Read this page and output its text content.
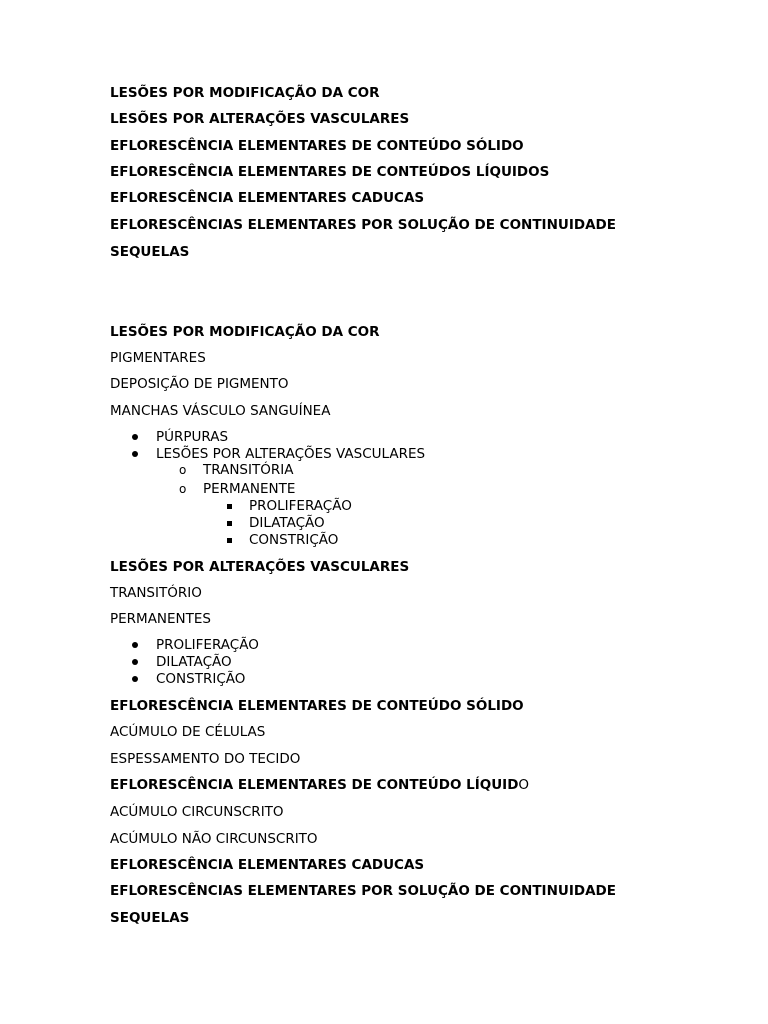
LESÕES POR MODIFICAÇÃO DA COR
LESÕES POR ALTERAÇÕES VASCULARES
EFLORESCÊNCIA ELEMENTARES DE CONTEÚDO SÓLIDO
EFLORESCÊNCIA ELEMENTARES DE CONTEÚDOS LÍQUIDOS
EFLORESCÊNCIA ELEMENTARES CADUCAS
EFLORESCÊNCIAS ELEMENTARES POR SOLUÇÃO DE CONTINUIDADE
SEQUELAS
LESÕES POR MODIFICAÇÃO DA COR
PIGMENTARES
DEPOSIÇÃO DE PIGMENTO
MANCHAS VÁSCULO SANGUÍNEA
PÚRPURAS
LESÕES POR ALTERAÇÕES VASCULARES
o TRANSITÓRIA
o PERMANENTE
PROLIFERAÇÃO
DILATAÇÃO
CONSTRIÇÃO
LESÕES POR ALTERAÇÕES VASCULARES
TRANSITÓRIO
PERMANENTES
PROLIFERAÇÃO
DILATAÇÃO
CONSTRIÇÃO
EFLORESCÊNCIA ELEMENTARES DE CONTEÚDO SÓLIDO
ACÚMULO DE CÉLULAS
ESPESSAMENTO DO TECIDO
EFLORESCÊNCIA ELEMENTARES DE CONTEÚDO LÍQUIDO
ACÚMULO CIRCUNSCRITO
ACÚMULO NÃO CIRCUNSCRITO
EFLORESCÊNCIA ELEMENTARES CADUCAS
EFLORESCÊNCIAS ELEMENTARES POR SOLUÇÃO DE CONTINUIDADE
SEQUELAS
